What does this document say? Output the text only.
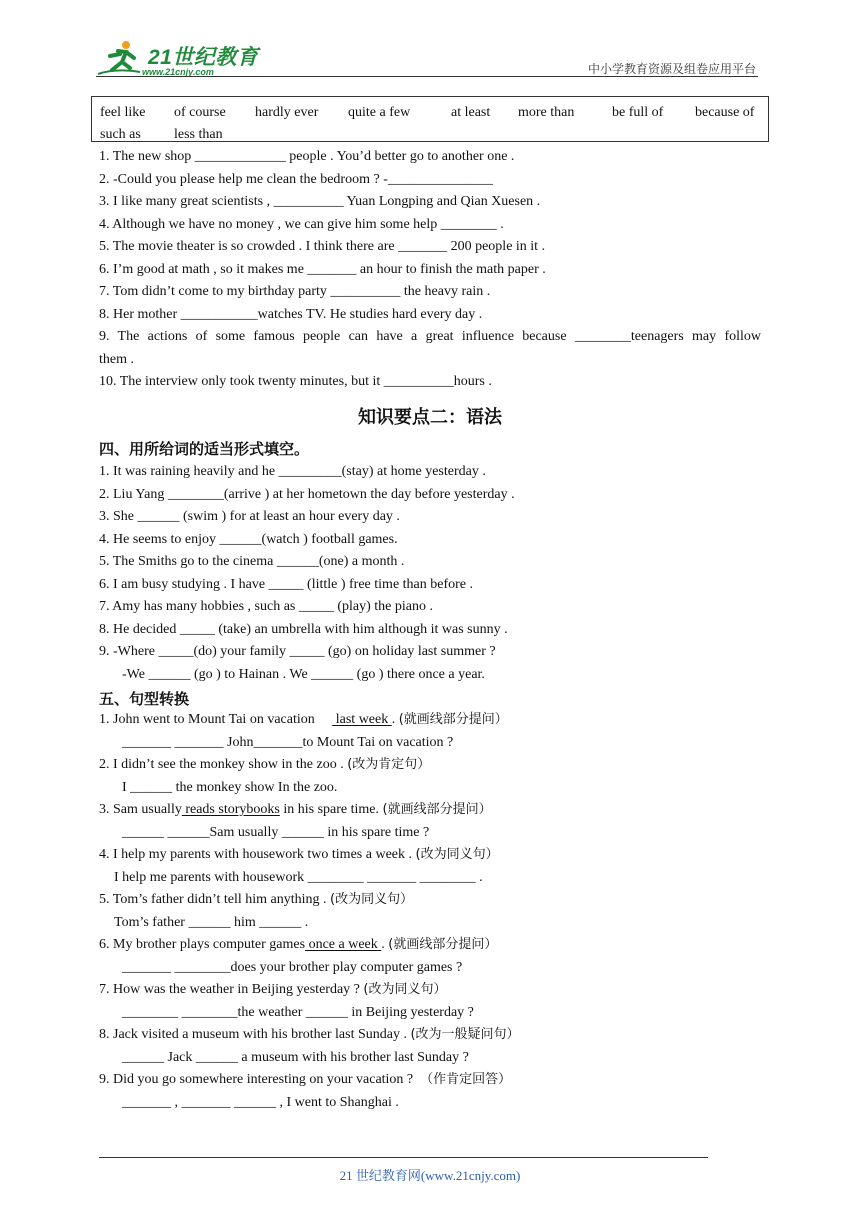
21世纪教育
www.21cnjy.com	中小学教育资源及组卷应用平台
feel like of course hardly ever quite a few	at least more than	be full of because of
such as less than
1. The new shop _____________ people . You’d better go to another one .
2. -Could you please help me clean the bedroom ? -_______________
3. I like many great scientists , __________ Yuan Longping and Qian Xuesen .
4. Although we have no money , we can give him some help ________ .
5. The movie theater is so crowded . I think there are _______ 200 people in it .
6. I’m good at math , so it makes me _______ an hour to finish the math paper .
7. Tom didn’t come to my birthday party __________ the heavy rain .
8. Her mother ___________watches TV. He studies hard every day .
9. The actions of some famous people can have a great influence because ________teenagers may follow
them .
10. The interview only took twenty minutes, but it __________hours .
知识要点二：语法
四、用所给词的适当形式填空。
1. It was raining heavily and he _________(stay) at home yesterday .
2. Liu Yang ________(arrive ) at her hometown the day before yesterday .
3. She ______ (swim ) for at least an hour every day .
4. He seems to enjoy ______(watch ) football games.
5. The Smiths go to the cinema ______(one) a month .
6. I am busy studying . I have _____ (little ) free time than before .
7. Amy has many hobbies , such as _____ (play) the piano .
8. He decided _____ (take) an umbrella with him although it was sunny .
9. -Where _____(do) your family _____ (go) on holiday last summer ?
-We ______ (go ) to Hainan . We ______ (go ) there once a year.
五、句型转换
1. John went to Mount Tai on vacation      last week . (就画线部分提问）
_______ _______ John_______to Mount Tai on vacation ?
2. I didn’t see the monkey show in the zoo . (改为肯定句）
I ______ the monkey show In the zoo.
3. Sam usually reads storybooks in his spare time. (就画线部分提问）
______ ______Sam usually ______ in his spare time ?
4. I help my parents with housework two times a week . (改为同义句）
I help me parents with housework ________ _______ ________ .
5. Tom’s father didn’t tell him anything . (改为同义句）
Tom’s father ______ him ______ .
6. My brother plays computer games once a week . (就画线部分提问）
_______ ________does your brother play computer games ?
7. How was the weather in Beijing yesterday ? (改为同义句）
________ ________the weather ______ in Beijing yesterday ?
8. Jack visited a museum with his brother last Sunday . (改为一般疑问句）
______ Jack ______ a museum with his brother last Sunday ?
9. Did you go somewhere interesting on your vacation ?  （作肯定回答）
_______ , _______ ______ , I went to Shanghai .
21 世纪教育网(www.21cnjy.com)
